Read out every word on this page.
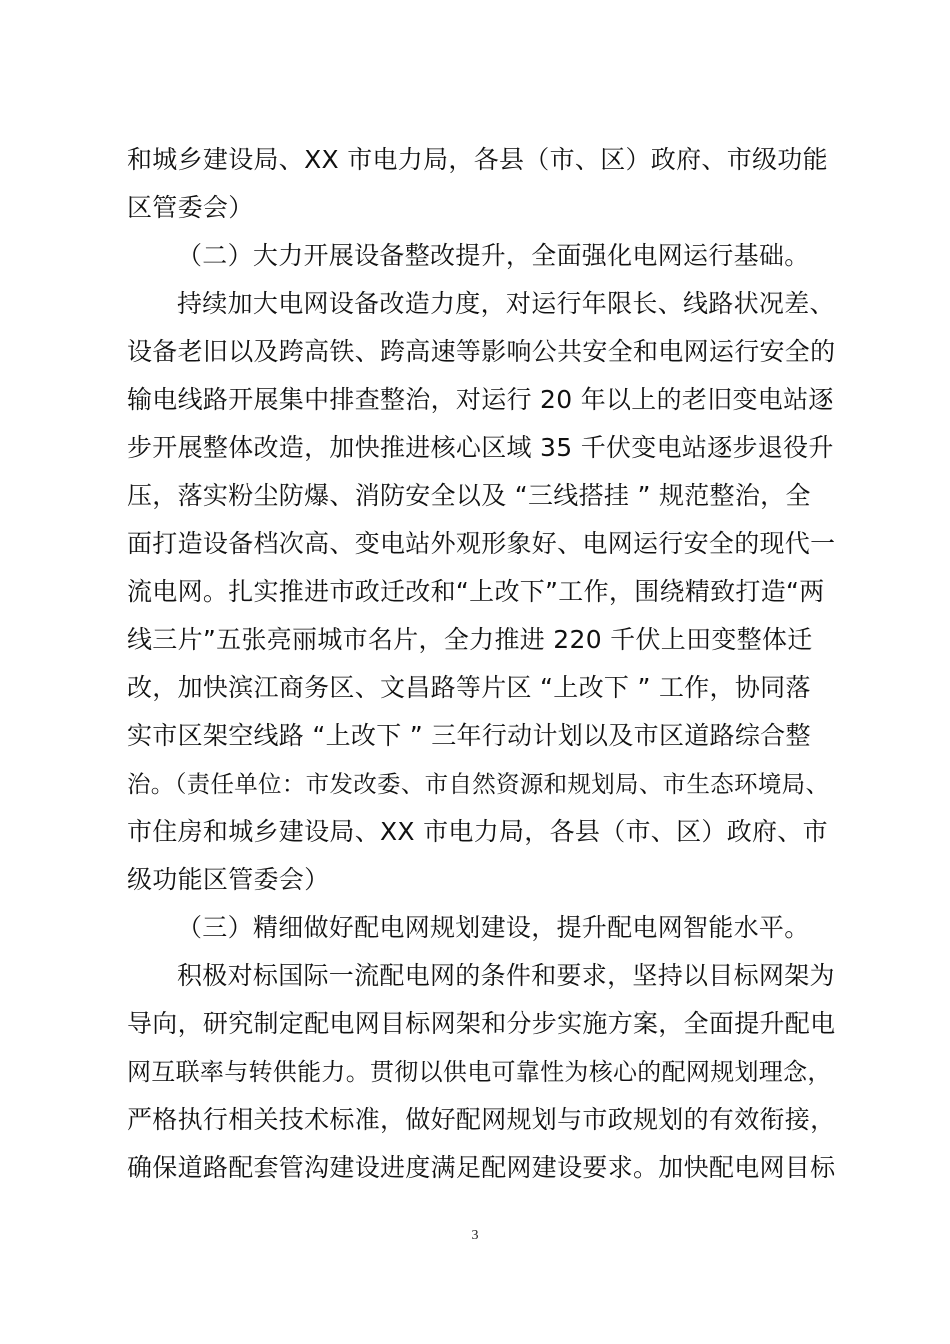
和城乡建设局、XX 市电力局，各县（市、区）政府、市级功能
区管委会）
（二）大力开展设备整改提升，全面强化电网运行基础。
持续加大电网设备改造力度，对运行年限长、线路状况差、
设备老旧以及跨高铁、跨高速等影响公共安全和电网运行安全的
输电线路开展集中排查整治，对运行 20 年以上的老旧变电站逐
步开展整体改造，加快推进核心区域 35 千伏变电站逐步退役升
压，落实粉尘防爆、消防安全以及 “三线搭挂 ” 规范整治，全
面打造设备档次高、变电站外观形象好、电网运行安全的现代一
流电网。扎实推进市政迁改和“上改下”工作，围绕精致打造“两
线三片”五张亮丽城市名片，全力推进 220 千伏上田变整体迁
改，加快滨江商务区、文昌路等片区 “上改下 ” 工作，协同落
实市区架空线路 “上改下 ” 三年行动计划以及市区道路综合整
治。（责任单位：市发改委、市自然资源和规划局、市生态环境局、
市住房和城乡建设局、XX 市电力局，各县（市、区）政府、市
级功能区管委会）
（三）精细做好配电网规划建设，提升配电网智能水平。
积极对标国际一流配电网的条件和要求，坚持以目标网架为
导向，研究制定配电网目标网架和分步实施方案，全面提升配电
网互联率与转供能力。贯彻以供电可靠性为核心的配网规划理念，
严格执行相关技术标准，做好配网规划与市政规划的有效衔接，
确保道路配套管沟建设进度满足配网建设要求。加快配电网目标
3
